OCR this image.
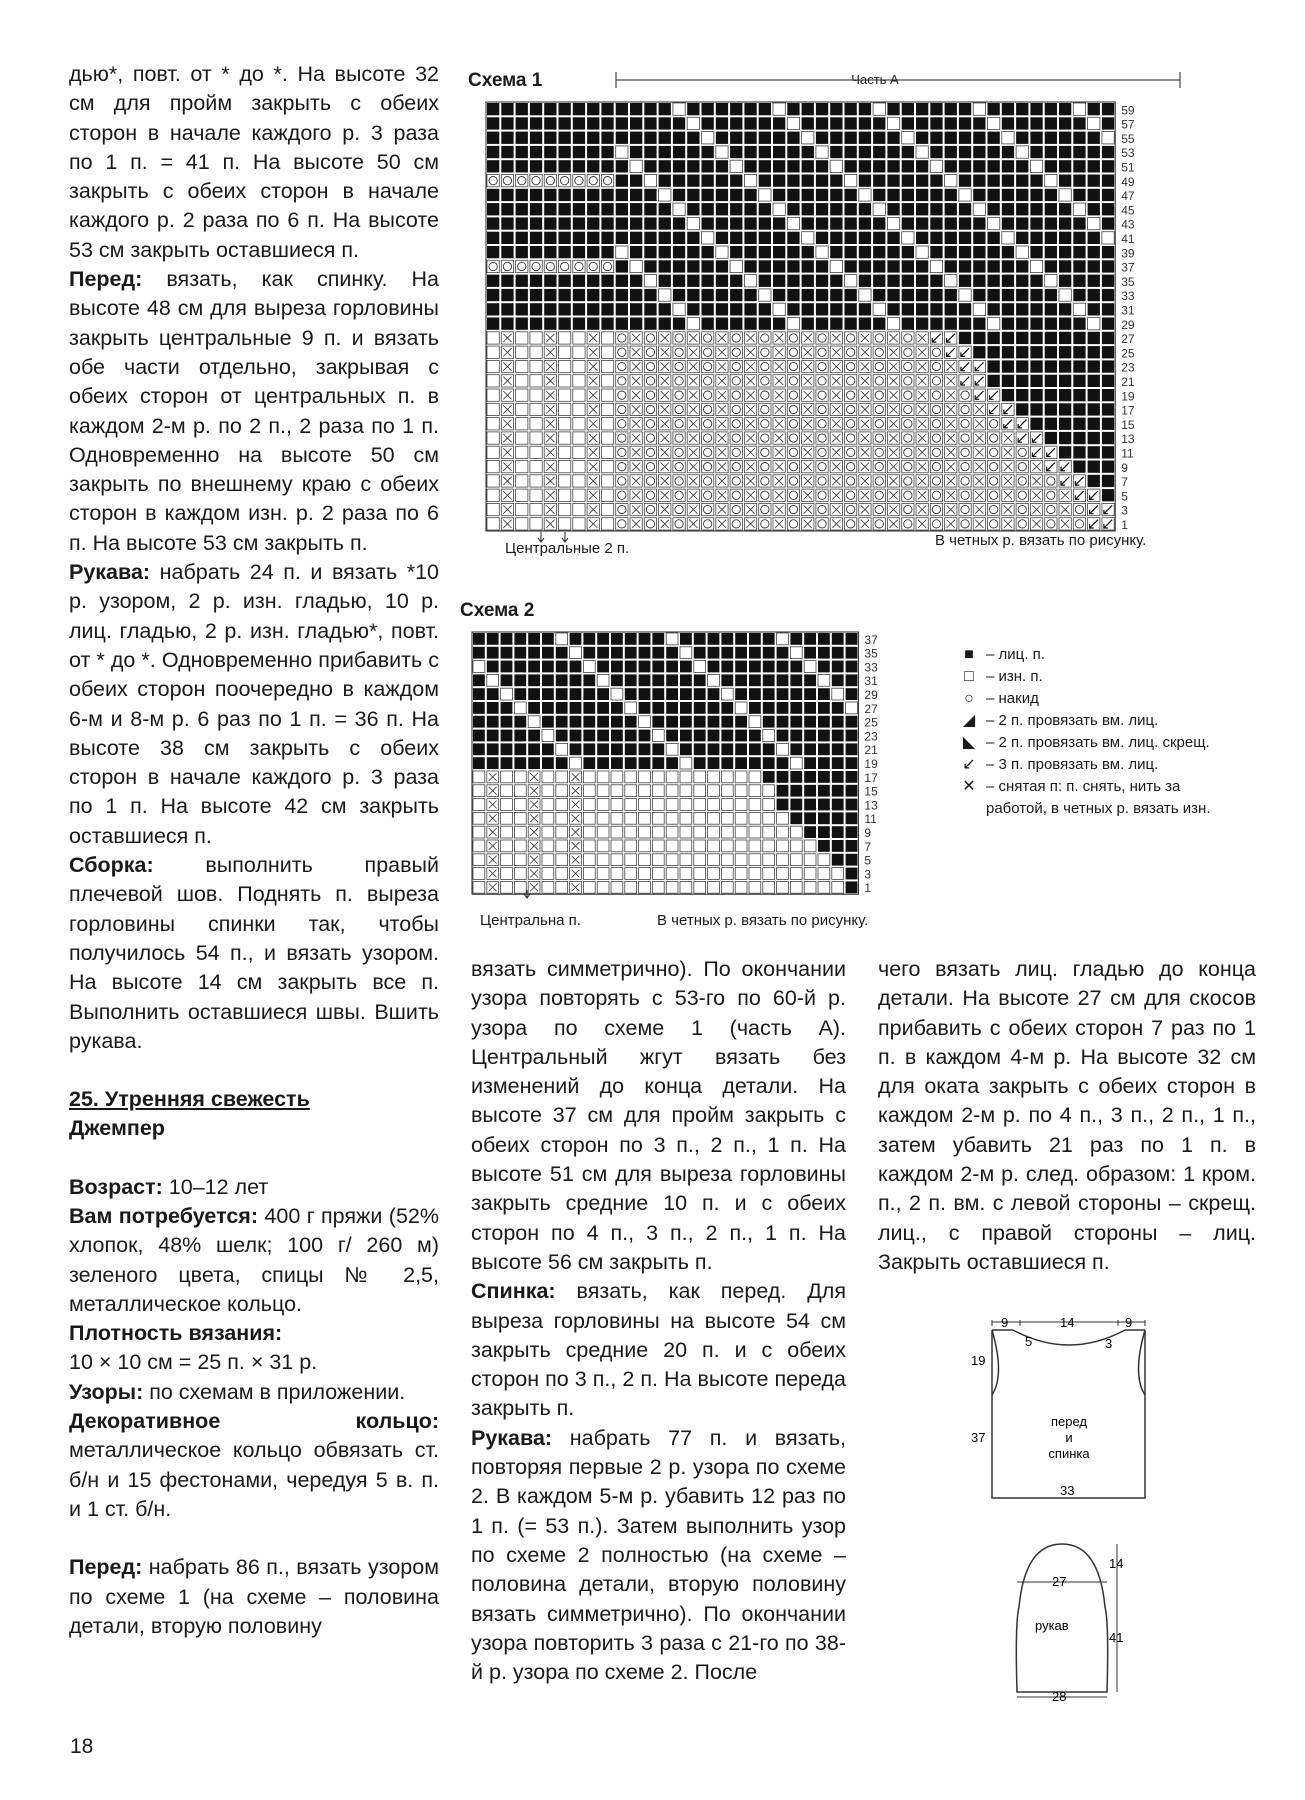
дью*, повт. от * до *. На высоте 32 см для пройм закрыть с обеих сторон в начале каждого р. 3 раза по 1 п. = 41 п. На высоте 50 см закрыть с обеих сторон в начале каждого р. 2 раза по 6 п. На высоте 53 см закрыть оставшиеся п.

Перед: вязать, как спинку. На высоте 48 см для выреза горловины закрыть центральные 9 п. и вязать обе части отдельно, закрывая с обеих сторон от центральных п. в каждом 2-м р. по 2 п., 2 раза по 1 п. Одновременно на высоте 50 см закрыть по внешнему краю с обеих сторон в каждом изн. р. 2 раза по 6 п. На высоте 53 см закрыть п.

Рукава: набрать 24 п. и вязать *10 р. узором, 2 р. изн. гладью, 10 р. лиц. гладью, 2 р. изн. гладью*, повт. от * до *. Одновременно прибавить с обеих сторон поочередно в каждом 6-м и 8-м р. 6 раз по 1 п. = 36 п. На высоте 38 см закрыть с обеих сторон в начале каждого р. 3 раза по 1 п. На высоте 42 см закрыть оставшиеся п.

Сборка: выполнить правый плечевой шов. Поднять п. выреза горловины спинки так, чтобы получилось 54 п., и вязать узором. На высоте 14 см закрыть все п. Выполнить оставшиеся швы. Вшить рукава.

25. Утренняя свежесть

Джемпер

Возраст: 10–12 лет

Вам потребуется: 400 г пряжи (52% хлопок, 48% шелк; 100 г/ 260 м) зеленого цвета, спицы № 2,5, металлическое кольцо.

Плотность вязания:

10 × 10 см = 25 п. × 31 р.

Узоры: по схемам в приложении.

Декоративное кольцо: металлическое кольцо обвязать ст. б/н и 15 фестонами, чередуя 5 в. п. и 1 ст. б/н.

Перед: набрать 86 п., вязать узором по схеме 1 (на схеме – половина детали, вторую половину

вязать симметрично). По окончании узора повторять с 53-го по 60-й р. узора по схеме 1 (часть А). Центральный жгут вязать без изменений до конца детали. На высоте 37 см для пройм закрыть с обеих сторон по 3 п., 2 п., 1 п. На высоте 51 см для выреза горловины закрыть средние 10 п. и с обеих сторон по 4 п., 3 п., 2 п., 1 п. На высоте 56 см закрыть п.

Спинка: вязать, как перед. Для выреза горловины на высоте 54 см закрыть средние 20 п. и с обеих сторон по 3 п., 2 п. На высоте переда закрыть п.

Рукава: набрать 77 п. и вязать, повторяя первые 2 р. узора по схеме 2. В каждом 5-м р. убавить 12 раз по 1 п. (= 53 п.). Затем выполнить узор по схеме 2 полностью (на схеме – половина детали, вторую половину вязать симметрично). По окончании узора повторить 3 раза с 21-го по 38-й р. узора по схеме 2. После

чего вязать лиц. гладью до конца детали. На высоте 27 см для скосов прибавить с обеих сторон 7 раз по 1 п. в каждом 4-м р. На высоте 32 см для оката закрыть с обеих сторон в каждом 2-м р. по 4 п., 3 п., 2 п., 1 п., затем убавить 21 раз по 1 п. в каждом 2-м р. след. образом: 1 кром. п., 2 п. вм. с левой стороны – скрещ. лиц., с правой стороны – лиц. Закрыть оставшиеся п.

Схема 1
59
57
55
53
51
49
47
45
43
41
39
37
35
33
31
29
27
25
23
21
19
17
15
13
11
9
7
5
3
1
Часть А
Центральные 2 п.	В четных р. вязать по рисунку.
Схема 2
37
35
33
31
29
27
25
23
21
19
17
15
13
11
9
7
5
3
1
Центральна п.	В четных р. вязать по рисунку.
■ – лиц. п.
□ – изн. п.
○ – накид
◢ – 2 п. провязать вм. лиц.
◣ – 2 п. провязать вм. лиц. скрещ.
↙ – 3 п. провязать вм. лиц.
✕ – снятая п: п. снять, нить за
работой, в четных р. вязать изн.
9	14	9
5	3
19
37
перед
и
спинка
33
27
14
41
рукав
28
18
